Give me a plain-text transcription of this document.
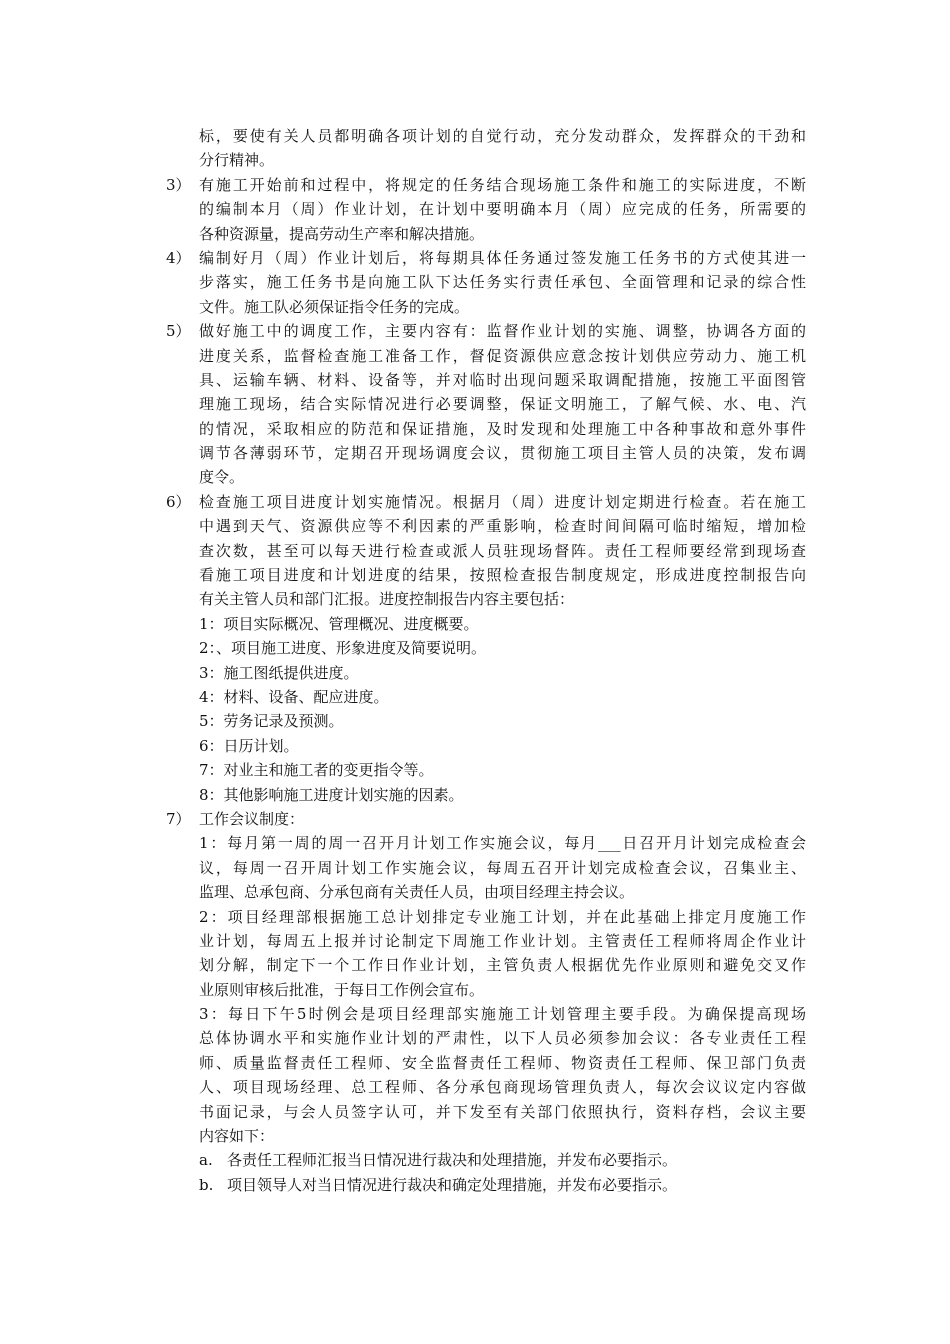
标，要使有关人员都明确各项计划的自觉行动，充分发动群众，发挥群众的干劲和
分行精神。
3） 有施工开始前和过程中，将规定的任务结合现场施工条件和施工的实际进度，不断
的编制本月（周）作业计划，在计划中要明确本月（周）应完成的任务，所需要的
各种资源量，提高劳动生产率和解决措施。
4） 编制好月（周）作业计划后，将每期具体任务通过签发施工任务书的方式使其进一
步落实，施工任务书是向施工队下达任务实行责任承包、全面管理和记录的综合性
文件。施工队必须保证指令任务的完成。
5） 做好施工中的调度工作，主要内容有：监督作业计划的实施、调整，协调各方面的
进度关系，监督检查施工准备工作，督促资源供应意念按计划供应劳动力、施工机
具、运输车辆、材料、设备等，并对临时出现问题采取调配措施，按施工平面图管
理施工现场，结合实际情况进行必要调整，保证文明施工，了解气候、水、电、汽
的情况，采取相应的防范和保证措施，及时发现和处理施工中各种事故和意外事件
调节各薄弱环节，定期召开现场调度会议，贯彻施工项目主管人员的决策，发布调
度令。
6） 检查施工项目进度计划实施情况。根据月（周）进度计划定期进行检查。若在施工
中遇到天气、资源供应等不利因素的严重影响，检查时间间隔可临时缩短，增加检
查次数，甚至可以每天进行检查或派人员驻现场督阵。责任工程师要经常到现场查
看施工项目进度和计划进度的结果，按照检查报告制度规定，形成进度控制报告向
有关主管人员和部门汇报。进度控制报告内容主要包括：
1：项目实际概况、管理概况、进度概要。
2：、项目施工进度、形象进度及简要说明。
3：施工图纸提供进度。
4：材料、设备、配应进度。
5：劳务记录及预测。
6：日历计划。
7：对业主和施工者的变更指令等。
8：其他影响施工进度计划实施的因素。
7） 工作会议制度：
1：每月第一周的周一召开月计划工作实施会议，每月___日召开月计划完成检查会
议，每周一召开周计划工作实施会议，每周五召开计划完成检查会议，召集业主、
监理、总承包商、分承包商有关责任人员，由项目经理主持会议。
2：项目经理部根据施工总计划排定专业施工计划，并在此基础上排定月度施工作
业计划，每周五上报并讨论制定下周施工作业计划。主管责任工程师将周企作业计
划分解，制定下一个工作日作业计划，主管负责人根据优先作业原则和避免交叉作
业原则审核后批准，于每日工作例会宣布。
3：每日下午5时例会是项目经理部实施施工计划管理主要手段。为确保提高现场
总体协调水平和实施作业计划的严肃性，以下人员必须参加会议：各专业责任工程
师、质量监督责任工程师、安全监督责任工程师、物资责任工程师、保卫部门负责
人、项目现场经理、总工程师、各分承包商现场管理负责人，每次会议议定内容做
书面记录，与会人员签字认可，并下发至有关部门依照执行，资料存档，会议主要
内容如下：
a. 各责任工程师汇报当日情况进行裁决和处理措施，并发布必要指示。
b. 项目领导人对当日情况进行裁决和确定处理措施，并发布必要指示。
